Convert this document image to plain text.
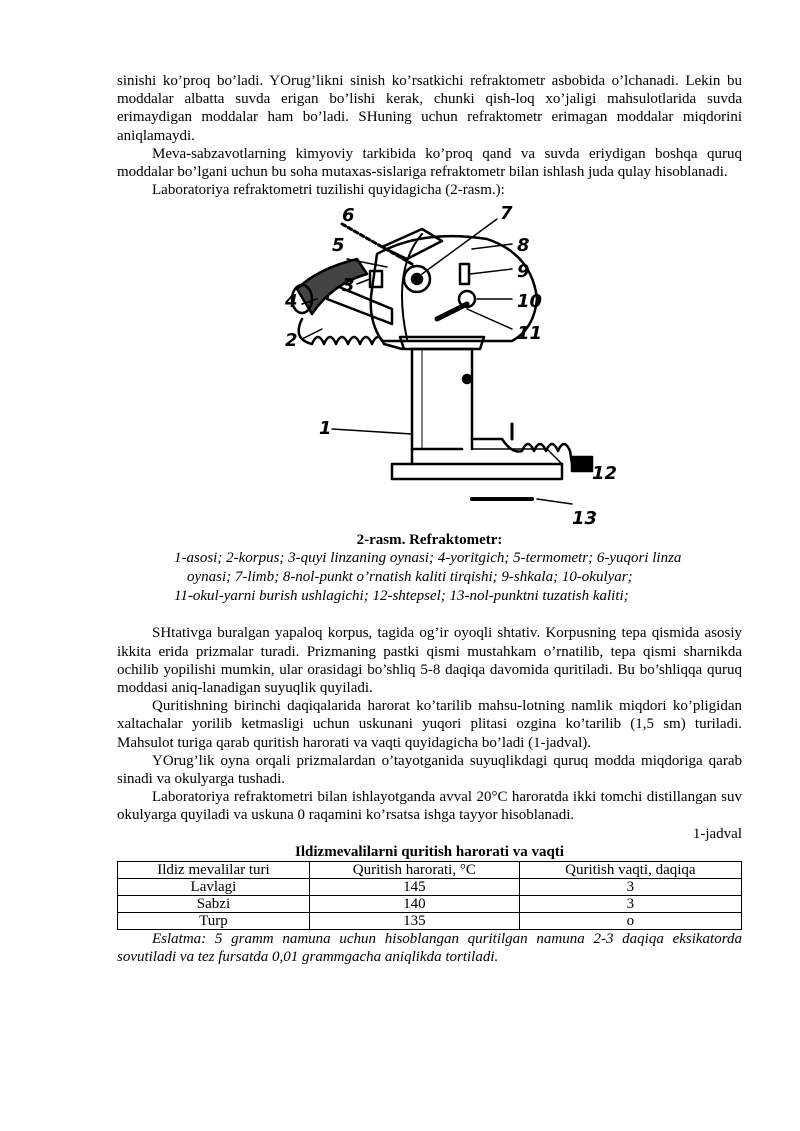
sinishi ko’proq bo’ladi. YOrug’likni sinish ko’rsatkichi refraktometr asbobida o’lchanadi. Lekin bu moddalar albatta suvda erigan bo’lishi kerak, chunki qish-loq xo’jaligi mahsulotlarida suvda erimaydigan moddalar ham bo’ladi. SHuning uchun refraktometr erimagan moddalar miqdorini aniqlamaydi.

Meva-sabzavotlarning kimyoviy tarkibida ko’proq qand va suvda eriydigan boshqa quruq moddalar bo’lgani uchun bu soha mutaxas-sislariga refraktometr bilan ishlash juda qulay hisoblanadi.

Laboratoriya refraktometri tuzilishi quyidagicha (2-rasm.):

1
2
3
4
5
6	7
8
9
10
11
12
13

2-rasm. Refraktometr:

1-asosi; 2-korpus; 3-quyi linzaning oynasi; 4-yoritgich; 5-termometr; 6-yuqori linza

oynasi; 7-limb; 8-nol-punkt o’rnatish kaliti tirqishi; 9-shkala; 10-okulyar;

11-okul-yarni burish ushlagichi; 12-shtepsel; 13-nol-punktni tuzatish kaliti;

SHtativga buralgan yapaloq korpus, tagida og’ir oyoqli shtativ. Korpusning tepa qismida asosiy ikkita erida prizmalar turadi. Prizmaning pastki qismi mustahkam o’rnatilib, tepa qismi sharnikda ochilib yopilishi mumkin, ular orasidagi bo’shliq 5-8 daqiqa davomida quritiladi. Bu bo’shliqqa quruq moddasi aniq-lanadigan suyuqlik quyiladi.

Quritishning birinchi daqiqalarida harorat ko’tarilib mahsu-lotning namlik miqdori ko’pligidan xaltachalar yorilib ketmasligi uchun uskunani yuqori plitasi ozgina ko’tarilib (1,5 sm) turiladi. Mahsulot turiga qarab quritish harorati va vaqti quyidagicha bo’ladi (1-jadval).

YOrug’lik oyna orqali prizmalardan o’tayotganida suyuqlikdagi quruq modda miqdoriga qarab sinadi va okulyarga tushadi.

Laboratoriya refraktometri bilan ishlayotganda avval 20°C haroratda ikki tomchi distillangan suv okulyarga quyiladi va uskuna 0 raqamini ko’rsatsa ishga tayyor hisoblanadi.

1-jadval

Ildizmevalilarni quritish harorati va vaqti

Ildiz mevalilar turi	Quritish harorati, °C	Quritish vaqti, daqiqa
Lavlagi	145	3
Sabzi	140	3
Turp	135	o

Eslatma: 5 gramm namuna uchun hisoblangan quritilgan namuna 2-3 daqiqa eksikatorda sovutiladi va tez fursatda 0,01 grammgacha aniqlikda tortiladi.
